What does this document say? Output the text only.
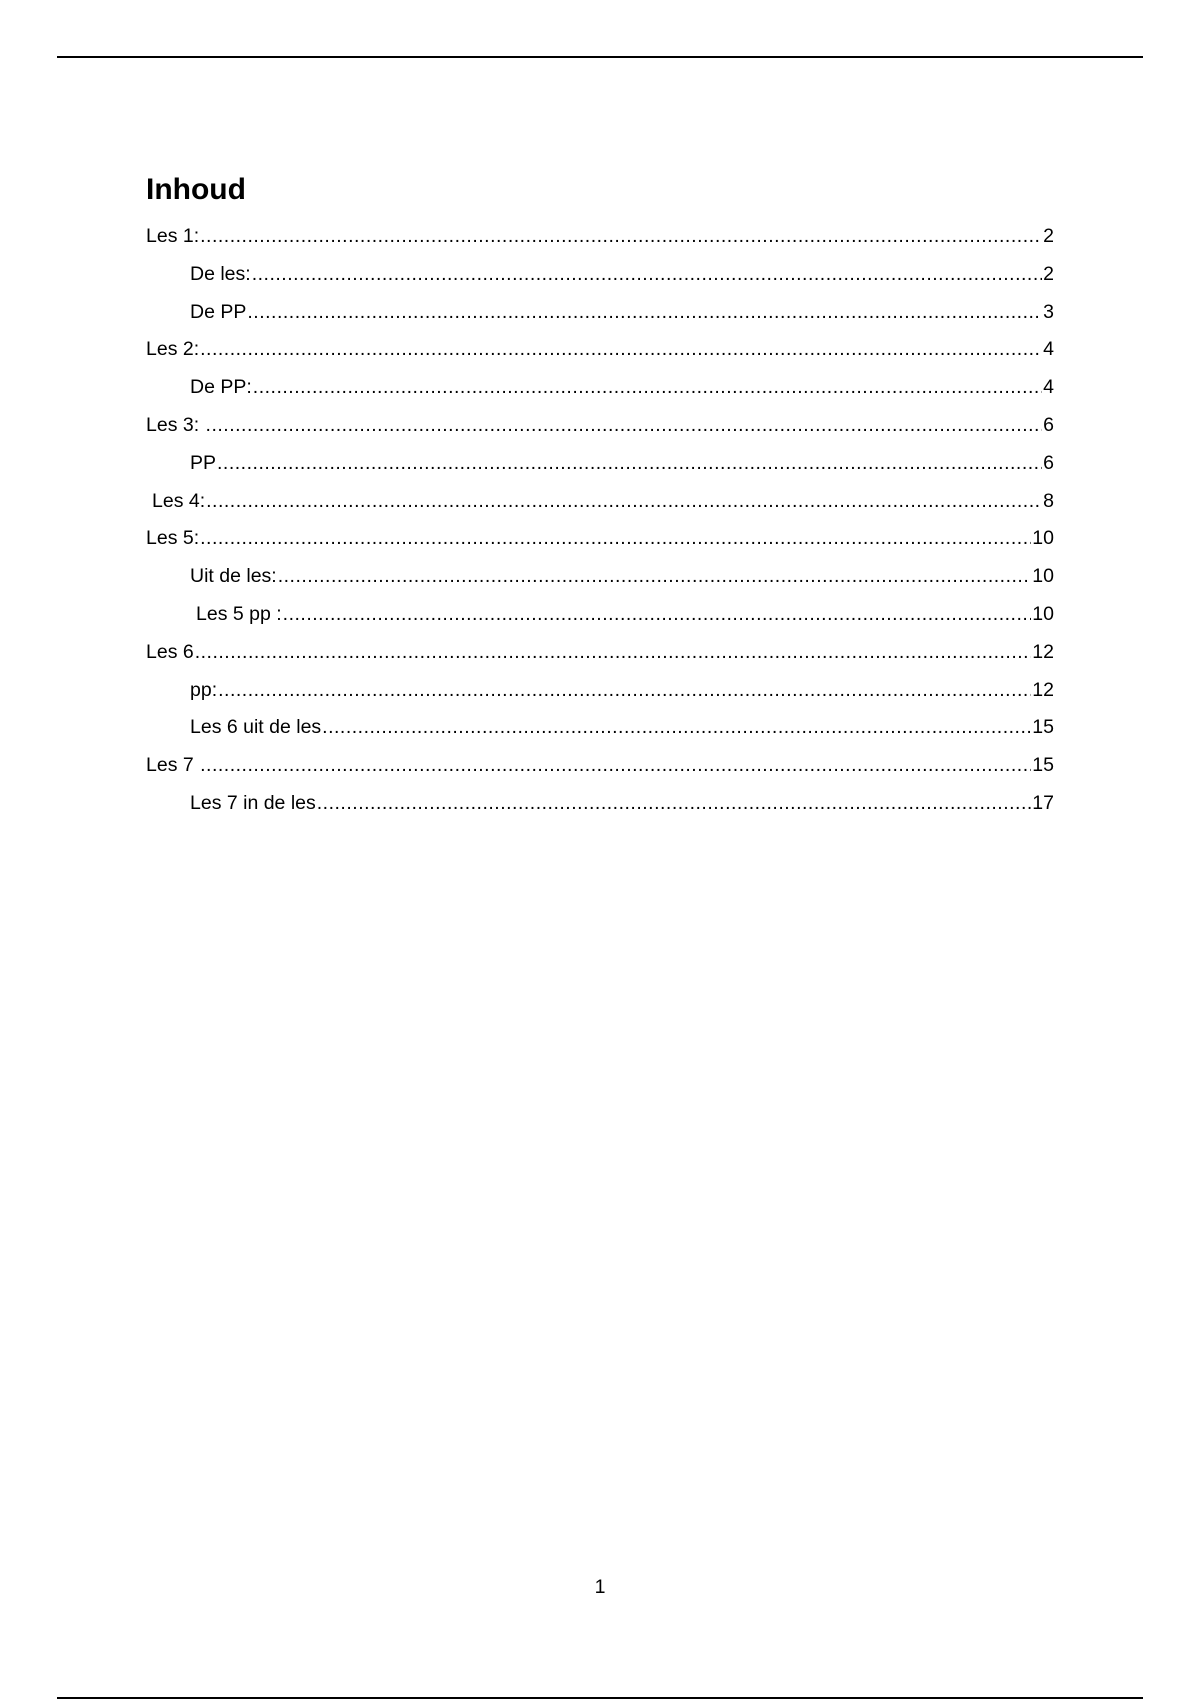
Inhoud
Les 1: .....	2
De les: .....	2
De PP .....	3
Les 2: .....	4
De PP: .....	4
Les 3: .....	6
PP .....	6
Les 4: .....	8
Les 5: .....	10
Uit de les: .....	10
Les 5 pp : .....	10
Les 6 .....	12
pp: .....	12
Les 6 uit de les .....	15
Les 7 .....	15
Les 7 in de les .....	17
1
